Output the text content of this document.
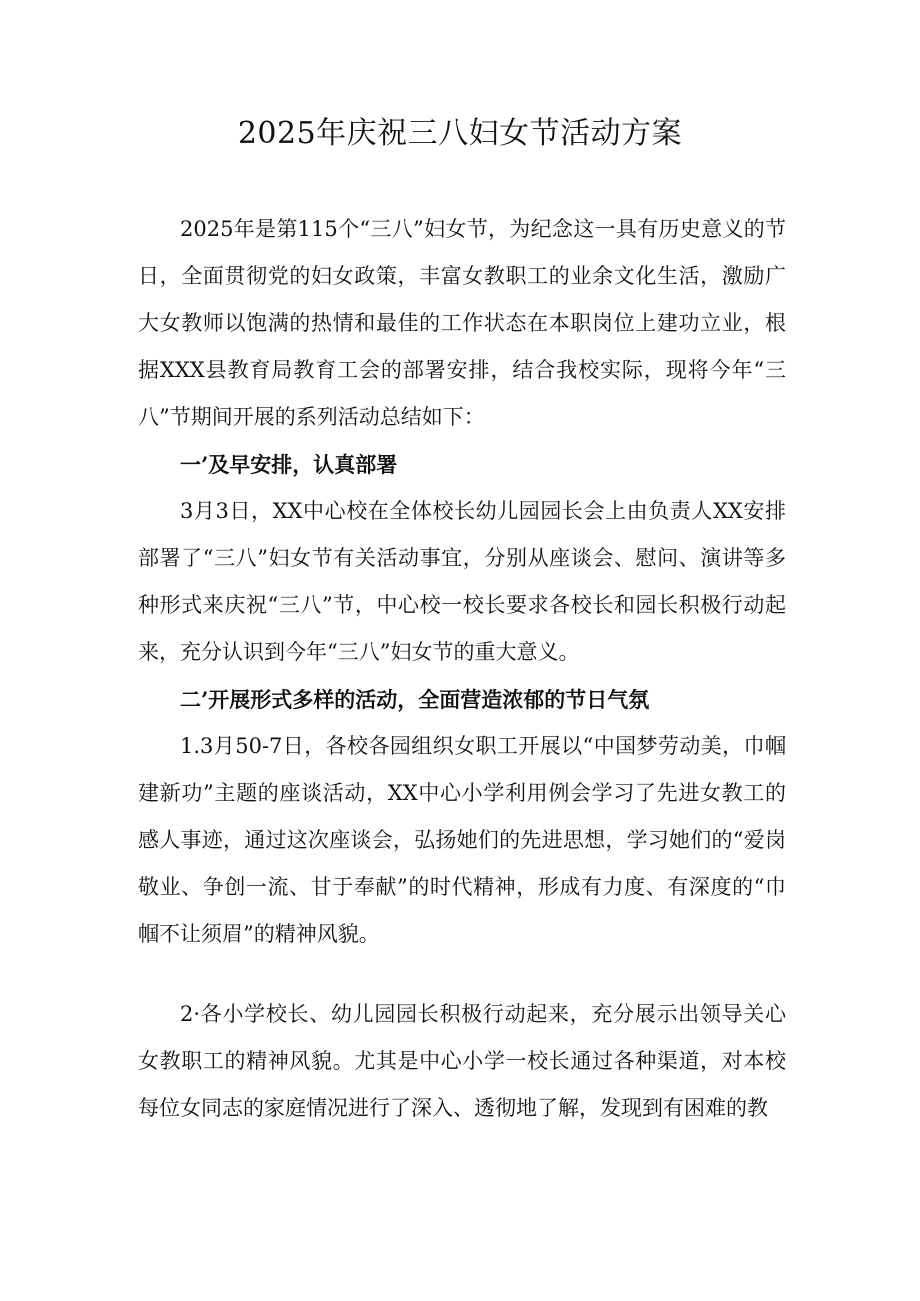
2025年庆祝三八妇女节活动方案

2025年是第115个“三八”妇女节，为纪念这一具有历史意义的节日，全面贯彻党的妇女政策，丰富女教职工的业余文化生活，激励广大女教师以饱满的热情和最佳的工作状态在本职岗位上建功立业，根据XXX县教育局教育工会的部署安排，结合我校实际，现将今年“三八”节期间开展的系列活动总结如下：

一’及早安排，认真部署

3月3日，XX中心校在全体校长幼儿园园长会上由负责人XX安排部署了“三八”妇女节有关活动事宜，分别从座谈会、慰问、演讲等多种形式来庆祝“三八”节，中心校一校长要求各校长和园长积极行动起来，充分认识到今年“三八”妇女节的重大意义。

二’开展形式多样的活动，全面营造浓郁的节日气氛

1.3月50-7日，各校各园组织女职工开展以“中国梦劳动美，巾帼建新功”主题的座谈活动，XX中心小学利用例会学习了先进女教工的感人事迹，通过这次座谈会，弘扬她们的先进思想，学习她们的“爱岗敬业、争创一流、甘于奉献”的时代精神，形成有力度、有深度的“巾帼不让须眉”的精神风貌。

2·各小学校长、幼儿园园长积极行动起来，充分展示出领导关心女教职工的精神风貌。尤其是中心小学一校长通过各种渠道，对本校每位女同志的家庭情况进行了深入、透彻地了解，发现到有困难的教
